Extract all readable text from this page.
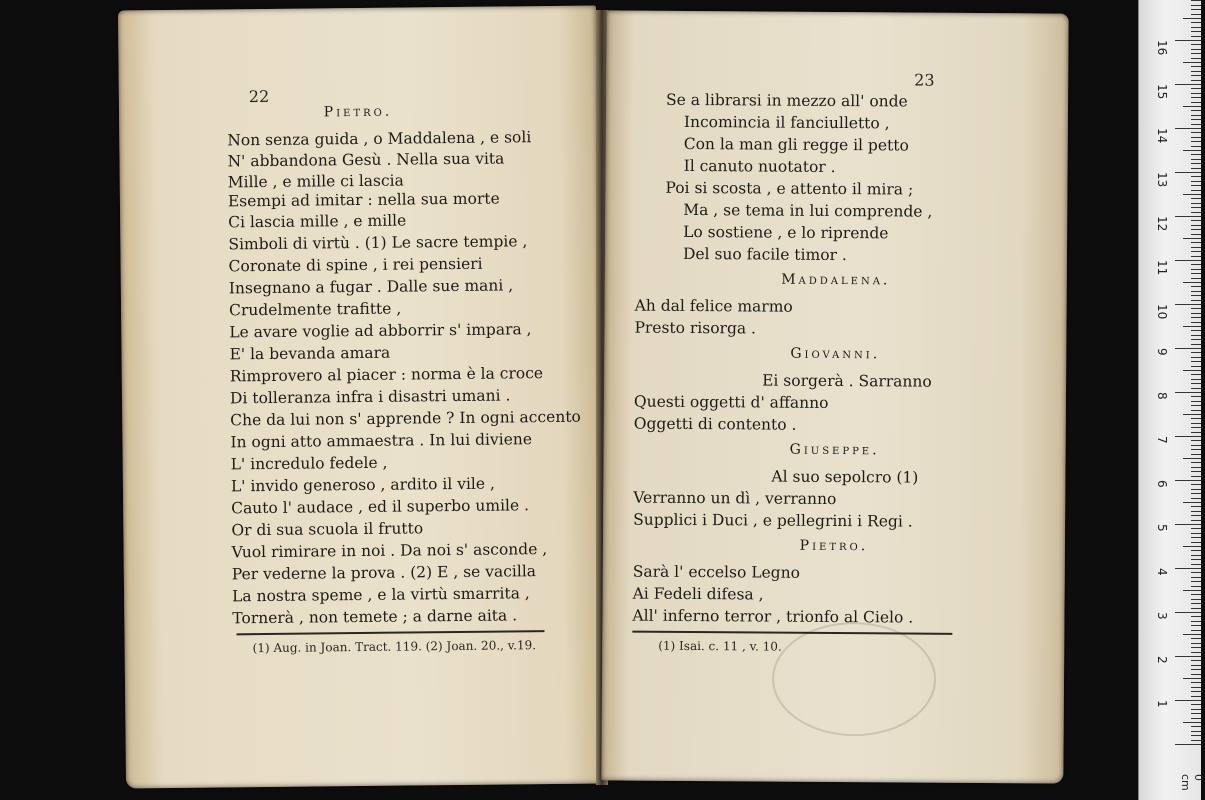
22
Pietro.
Non senza guida , o Maddalena , e soli
N' abbandona Gesù . Nella sua vita
Mille , e mille ci lascia
Esempi ad imitar : nella sua morte
Ci lascia mille , e mille
Simboli di virtù . (1) Le sacre tempie ,
Coronate di spine , i rei pensieri
Insegnano a fugar . Dalle sue mani ,
Crudelmente trafitte ,
Le avare voglie ad abborrir s' impara ,
E' la bevanda amara
Rimprovero al piacer : norma è la croce
Di tolleranza infra i disastri umani .
Che da lui non s' apprende ? In ogni accento
In ogni atto ammaestra . In lui diviene
L' incredulo fedele ,
L' invido generoso , ardito il vile ,
Cauto l' audace , ed il superbo umile .
Or di sua scuola il frutto
Vuol rimirare in noi . Da noi s' asconde ,
Per vederne la prova . (2) E , se vacilla
La nostra speme , e la virtù smarrita ,
Tornerà , non temete ; a darne aita .
(1) Aug. in Joan. Tract. 119. (2) Joan. 20., v.19.
23
Se a librarsi in mezzo all' onde
Incomincia il fanciulletto ,
Con la man gli regge il petto
Il canuto nuotator .
Poi si scosta , e attento il mira ;
Ma , se tema in lui comprende ,
Lo sostiene , e lo riprende
Del suo facile timor .
Maddalena.
Ah dal felice marmo
Presto risorga .
Giovanni.
Ei sorgerà . Sarranno
Questi oggetti d' affanno
Oggetti di contento .
Giuseppe.
Al suo sepolcro (1)
Verranno un dì , verranno
Supplici i Duci , e pellegrini i Regi .
Pietro.
Sarà l' eccelso Legno
Ai Fedeli difesa ,
All' inferno terror , trionfo al Cielo .
(1) Isai. c. 11 , v. 10.
1
2
3
4
5
6
7
8
9
10
11
12
13
14
15
16
0 cm
